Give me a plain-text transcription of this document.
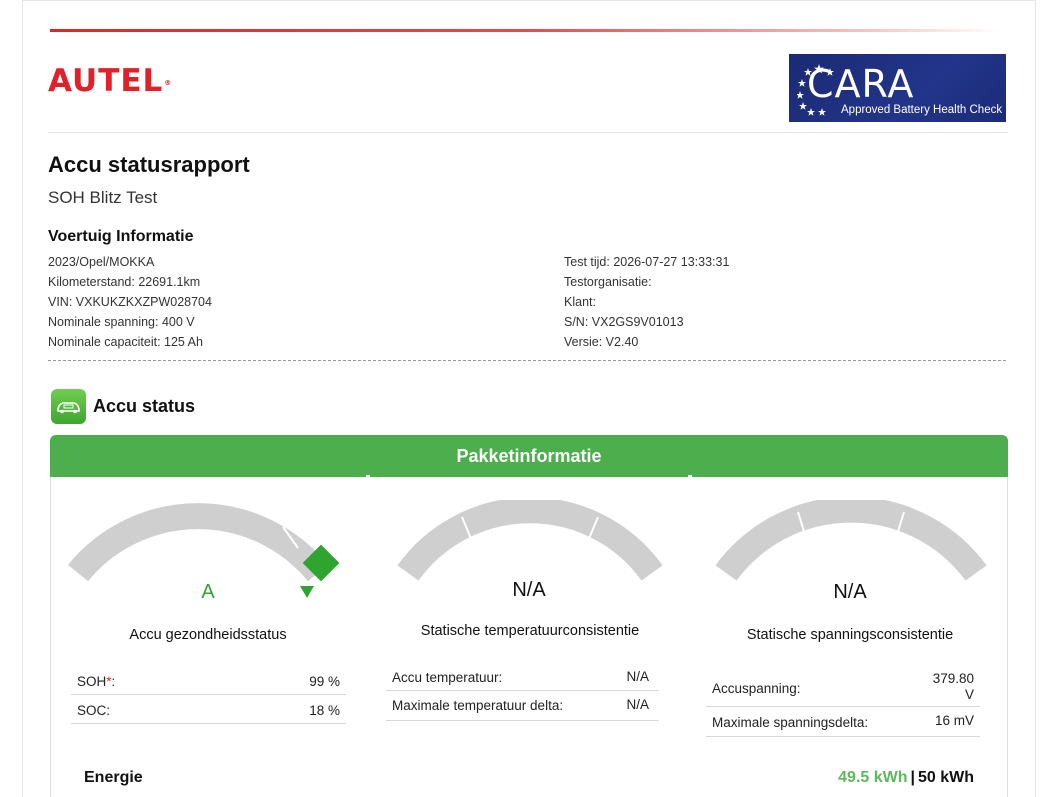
AUTEL®	CARA
Approved Battery Health Check
Accu statusrapport
SOH Blitz Test
Voertuig Informatie
2023/Opel/MOKKA
Kilometerstand: 22691.1km
VIN: VXKUKZKXZPW028704
Nominale spanning: 400 V
Nominale capaciteit: 125 Ah
Test tijd: 2026-07-27 13:33:31
Testorganisatie:
Klant:
S/N: VX2GS9V01013
Versie: V2.40
Accu status
Pakketinformatie
A
Accu gezondheidsstatus
N/A
Statische temperatuurconsistentie
N/A
Statische spanningsconsistentie
SOH*:	99 %
SOC:	18 %
Accu temperatuur:	N/A
Maximale temperatuur delta:	N/A
Accuspanning:
379.80 V
Maximale spanningsdelta:	16 mV
Energie	49.5 kWh | 50 kWh
